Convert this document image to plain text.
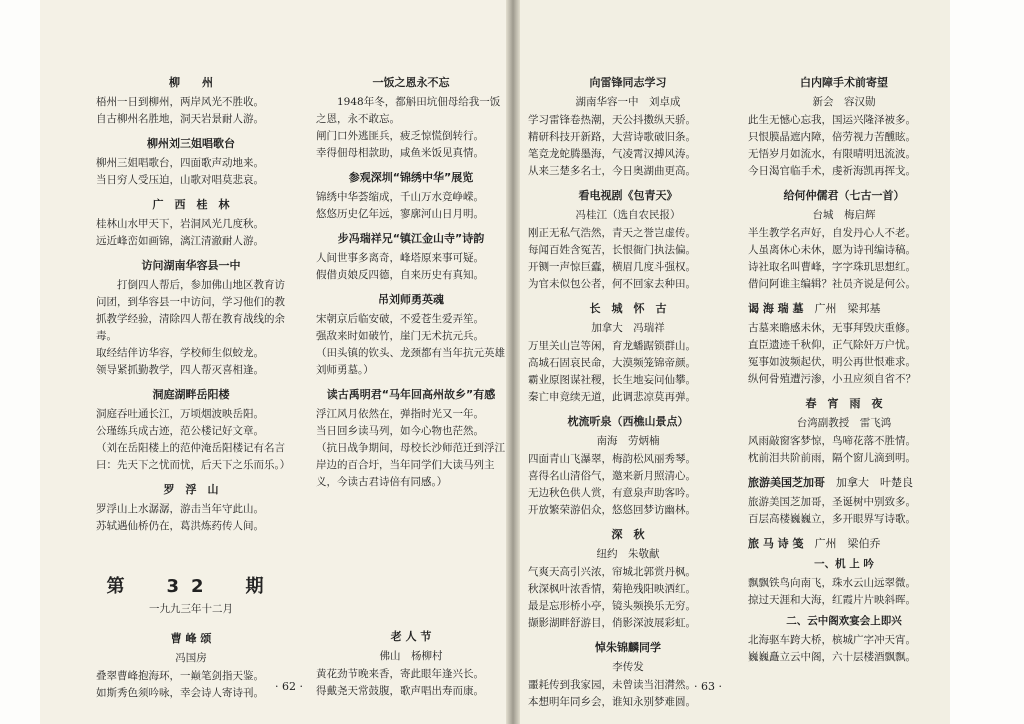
柳　　州
梧州一日到柳州，两岸风光不胜收。
自古柳州名胜地，洞天岩景耐人游。
柳州刘三姐唱歌台
柳州三姐唱歌台，四面歌声动地来。
当日穷人受压迫，山歌对唱莫悲哀。
广　西　桂　林
桂林山水甲天下，岩洞风光几度秋。
远近峰峦如画锦，漓江清澈耐人游。
访问湖南华容县一中
打倒四人帮后，参加佛山地区教育访问团，到华容县一中访问，学习他们的教抓教学经验，清除四人帮在教育战线的余毒。
取经结伴访华容，学校师生似蛟龙。
领导紧抓勤教学，四人帮灭喜相逢。
洞庭湖畔岳阳楼
洞庭吞吐通长江，万顷烟波映岳阳。
公瑾练兵成古迹，范公楼记好文章。
（刘在岳阳楼上的范仲淹岳阳楼记有名言曰：先天下之忧而忧，后天下之乐而乐。）
罗　浮　山
罗浮山上水潺潺，游击当年守此山。
苏轼遇仙桥仍在，葛洪炼药传人间。
一饭之恩永不忘
1948年冬，都斛田坑佃母给我一饭之恩，永不敢忘。
闸门口外逃匪兵，疲乏惊慌倒转行。
幸得佃母相款助，咸鱼米饭见真情。
参观深圳“锦绣中华”展览
锦绣中华荟缩成，千山万水竞峥嵘。
悠悠历史亿年远，寥廓河山日月明。
步冯瑞祥兄“镇江金山寺”诗韵
人间世事多离奇，峰塔原来事可疑。
假借贞娘反四德，自来历史有真知。
吊刘师勇英魂
宋朝京后临安破，不爱苍生爱弄笙。
强敌来时如破竹，崖门无术抗元兵。
（田头镇的钦头、龙颈都有当年抗元英雄刘师勇墓。）
读古禹明君“马年回高州故乡”有感
浮江风月依然在，弹指时光又一年。
当日回乡读马列，如今心物也茫然。
（抗日战争期间，母校长沙师范迁到浮江岸边的百合圩，当年同学们大读马列主义，今读古君诗倍有同感。）
第　32　期
一九九三年十二月
曹 峰 颂
冯国房
叠翠曹峰抱海环，一巅笔剑指天鉴。
如斯秀色须吟咏，幸会诗人寄诗刊。
老 人 节
佛山　杨柳村
黄花劲节晚来香，寄此眼年逢兴长。
得戴尧天常鼓腹，歌声唱出寿而康。
· 62 ·
向雷锋同志学习
湖南华容一中　刘卓成
学习雷锋卷热潮，天公抖擞纵天骄。
精研科技开新路，大营诗歌破旧条。
笔竞龙蛇腾墨海，气凌霄汉搏风涛。
从来三楚多名士，今日奥湖曲更高。
看电视剧《包青天》
冯桂江（选自农民报）
刚正无私气浩然，青天之誉岂虚传。
每闻百姓含冤苦，长恨衙门执法偏。
开铡一声惊巨蠹，横眉几度斗强权。
为官未似包公者，何不回家去种田。
长　城　怀　古
加拿大　冯瑞祥
万里关山岂等闲，育龙蟠踞锁群山。
高城石固哀民命，大漠频笼锦帝颜。
霸业原图谋社稷，长生地妄问仙攀。
秦亡申竟续无道，此调悲凉莫再弹。
枕流听泉（西樵山景点）
南海　劳炳楠
四面青山飞瀑翠，梅韵松风丽秀琴。
喜得名山清俗气，邀来新月照清心。
无边秋色供人赏，有意泉声助客吟。
开放繁荣游侣众，悠悠回梦访幽林。
深　秋
纽约　朱敬献
气爽天高引兴浓，帘城北郭赏丹枫。
秋深枫叶浓香情，菊艳残阳映洒红。
最是忘形桥小亭，镜头频换乐无穷。
撷影湖畔舒游目，俏影深波展彩虹。
悼朱锦麟同学
李传发
噩耗传到我家园，未曾读当泪潸然。
本想明年同乡会，谁知永别梦难圆。
白内障手术前寄望
新会　容汉勋
此生无憾心忘我，国运兴隆泽被多。
只恨膜晶遮内障，倍劳视力苦醺眩。
无悟岁月如流水，有限晴明迅流波。
今日渴官临手术，虔祈海凯再挥戈。
给何仲儒君（七古一首）
台城　梅启辉
半生教学名声好，自发丹心人不老。
人虽离休心未休，愿为诗刊编诗稿。
诗社取名叫曹峰，字字珠玑思想红。
借问阿谁主编辑？社员齐说是何公。
谒 海 瑞 墓　广州　梁邦基
古墓来瞻感未休，无事拜毁庆重修。
直臣遗迹千秋仰，正气除奸万户忧。
冤事如波频起伏，明公再世恨难求。
纵何骨殖遭污渗，小丑应须自省不？
春　宵　雨　夜
台湾副教授　雷飞鸿
风雨敲窗客梦惊，鸟啼花落不胜情。
枕前泪共阶前雨，隔个窗儿滴到明。
旅游美国芝加哥　加拿大　叶楚良
旅游美国芝加哥，圣诞树中别致多。
百层高楼巍巍立，多开眼界写诗歌。
旅 马 诗 笺　广州　梁伯乔
一、机 上 吟
飘飘铁鸟向南飞，珠水云山远翠微。
掠过天涯和大海，红霞片片映斜晖。
二、云中阁欢宴会上即兴
北海驱车跨大桥，槟城广字冲天宵。
巍巍矗立云中阁，六十层楼酒飘飘。
· 63 ·
